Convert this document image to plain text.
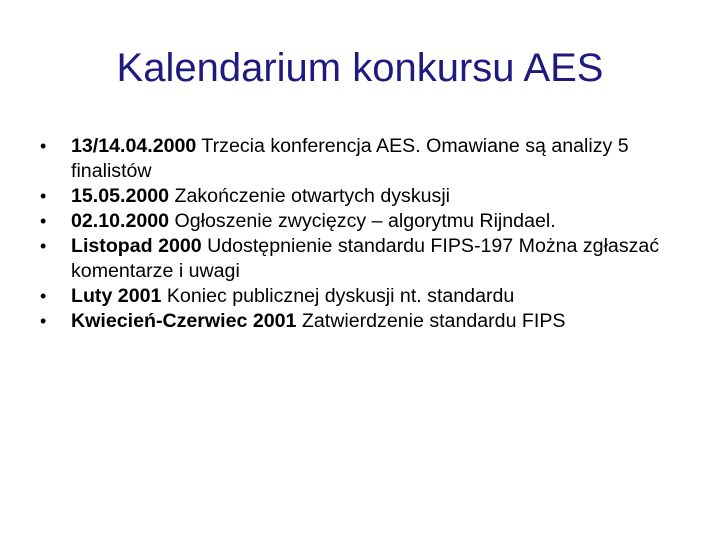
Kalendarium konkursu AES
•	13/14.04.2000 Trzecia konferencja AES. Omawiane są analizy 5 finalistów
•	15.05.2000 Zakończenie otwartych dyskusji
•	02.10.2000 Ogłoszenie zwycięzcy – algorytmu Rijndael.
•	Listopad 2000 Udostępnienie standardu FIPS-197 Można zgłaszać komentarze i uwagi
•	Luty 2001 Koniec publicznej dyskusji nt. standardu
•	Kwiecień-Czerwiec 2001 Zatwierdzenie standardu FIPS
